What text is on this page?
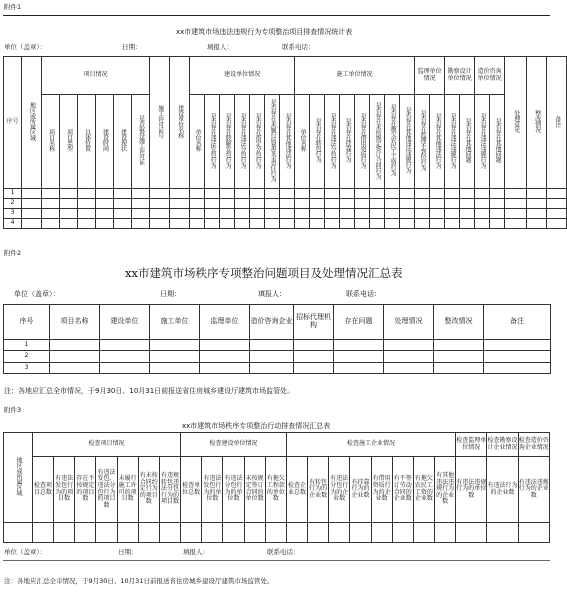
附件1
xx市建筑市场违法违规行为专项整治项目排查情况统计表
单位（盖章）：	日期：	填报人：	联系电话：
序号	地区或所属区域	项目情况						施工许可证号	建设单位名称	建设单位情况							施工单位情况								监理单位情况		勘察设计单位情况		造价咨询单位情况		处理意见	整改情况	备注
		项目名称	项目类型	具体位置	建设时间	建设现状	是否取得施工许可证			单位名称	是否存在违法发包行为	是否存在肢解发包行为	是否存在违法分包行为	是否存在指定分包行为	是否存在未履行质量安全责任行为	是否存在其他违法行为	单位名称	是否存在转包行为	是否存在违法分包行为	是否存在挂靠行为	是否存在借用资质行为	是否存在未按规定签订合同行为	是否存在拖欠农民工工资行为	是否存在其他违法违规行为	是否存在监理不到位行为	是否存在其他违法行为	是否存在违法违规行为	是否存在其他问题	是否存在违法违规行为	是否存在其他问题			
1																																	
2																																	
3																																	
4																																	
附件2
xx市建筑市场秩序专项整治问题项目及处理情况汇总表
单位（盖章）：	日期：	填报人：	联系电话：
序号	项目名称	建设单位	施工单位	监理单位	造价咨询企业	招标代理机构	存在问题	处理情况	整改情况	备注
1										
2										
3										
注：各地应汇总全市情况，于9月30日、10月31日前报送省住房城乡建设厅建筑市场监管处。
附件3
xx市建筑市场秩序专项整治行动排查情况汇总表
地区或所属区域	检查项目情况							检查建设单位情况					检查施工企业情况								检查监理单位情况	检查勘察设计企业情况	检查造价咨询企业情况
	检查项目总数	有违法发包行为的项目数	存在不按规定的项目数	有违法发包、违法分包行为的项目数	未履行施工许可的项目数	有未按合同约定行为的项目数	有违规转包违法分包行为的项目数	检查单位总数	有违法发包行为的单位数	有违法分包行为的单位数	未按规定签订合同的单位数	有拖欠工程款的单位数	检查企业总数	有转包行为的企业数	有违法分包行为的企业数	有挂靠行为的企业数	有借用资质行为的企业数	有不签订劳动合同的企业数	有拖欠农民工工资的企业数	有其他违法违规行为的企业数	有违法违规行为的单位数	有违法行为的企业数	有违法违规行为的企业数

单位（盖章）：	日期：	填报人：	联系电话：
注：各地应汇总全市情况，于9月30日、10月31日前报送省住房城乡建设厅建筑市场监管处。
